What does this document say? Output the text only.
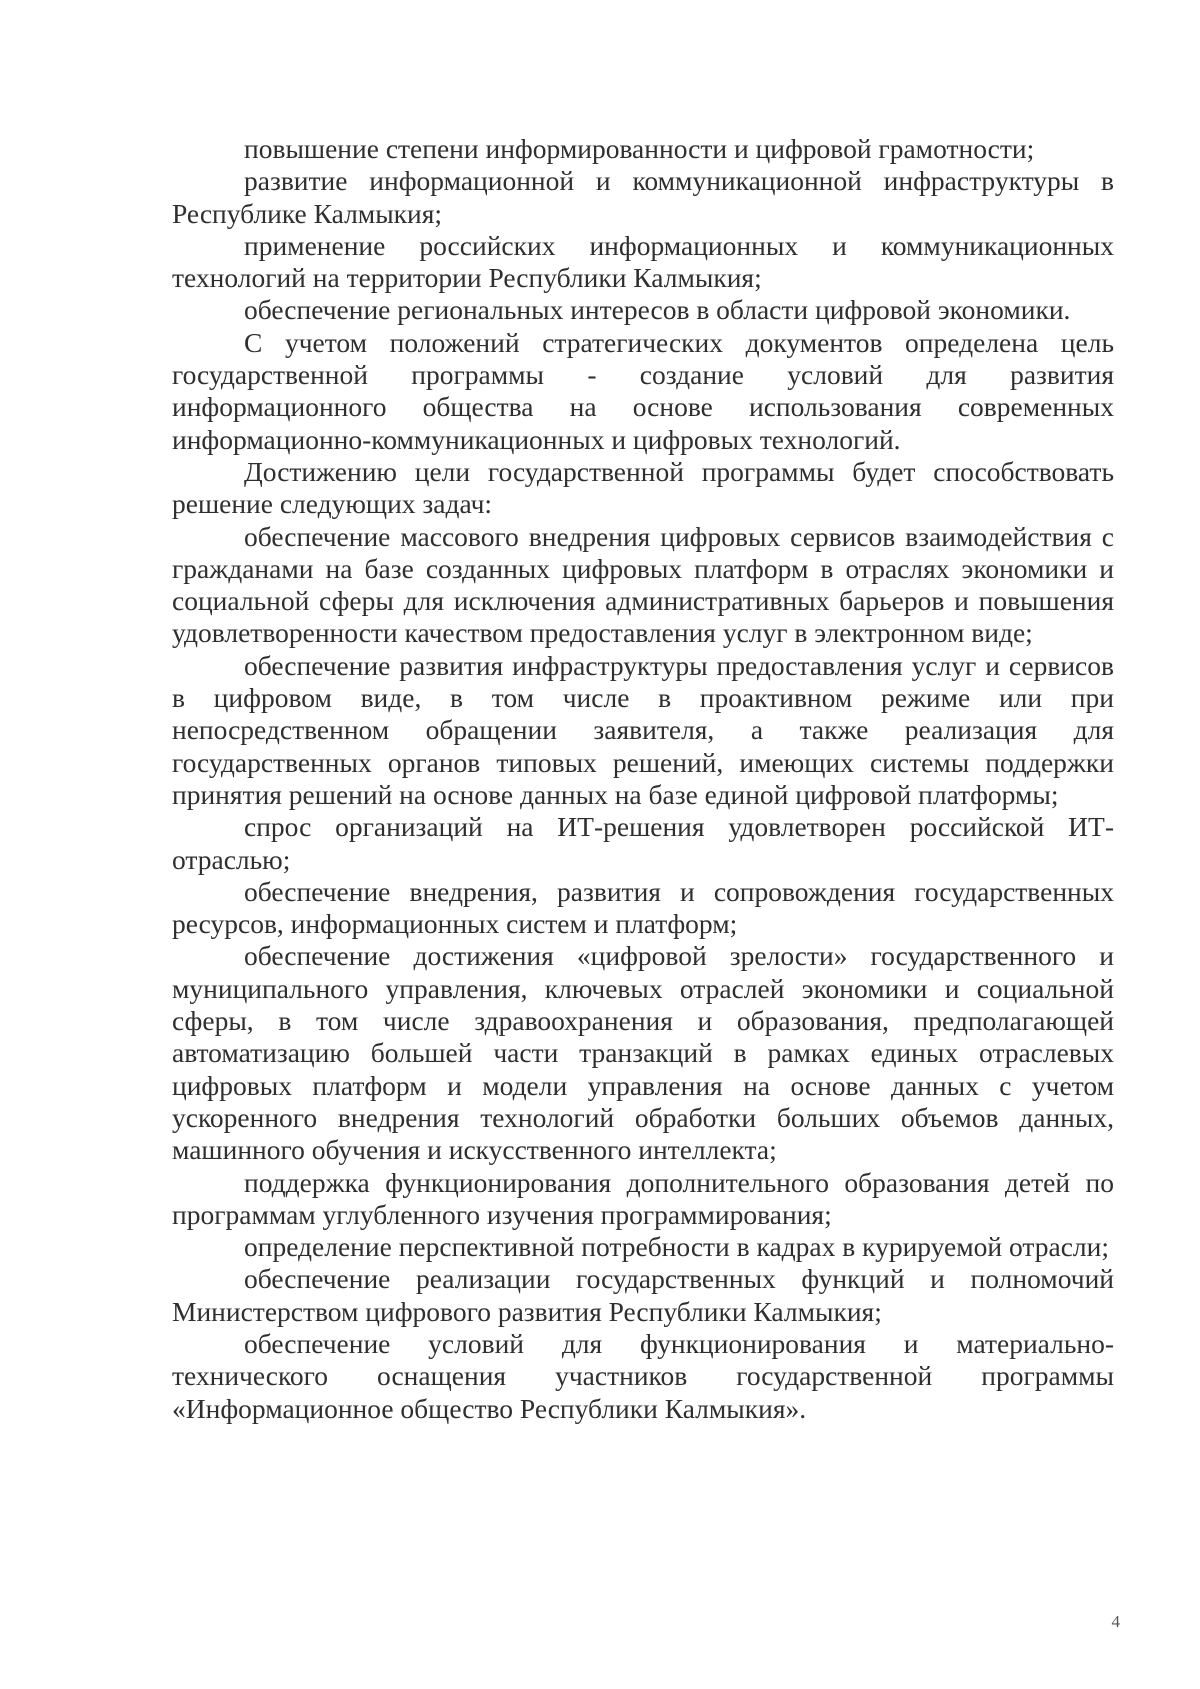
повышение степени информированности и цифровой грамотности;

развитие информационной и коммуникационной инфраструктуры в Республике Калмыкия;

применение российских информационных и коммуникационных технологий на территории Республики Калмыкия;

обеспечение региональных интересов в области цифровой экономики.

С учетом положений стратегических документов определена цель государственной программы - создание условий для развития информационного общества на основе использования современных информационно-коммуникационных и цифровых технологий.

Достижению цели государственной программы будет способствовать решение следующих задач:

обеспечение массового внедрения цифровых сервисов взаимодействия с гражданами на базе созданных цифровых платформ в отраслях экономики и социальной сферы для исключения административных барьеров и повышения удовлетворенности качеством предоставления услуг в электронном виде;

обеспечение развития инфраструктуры предоставления услуг и сервисов в цифровом виде, в том числе в проактивном режиме или при непосредственном обращении заявителя, а также реализация для государственных органов типовых решений, имеющих системы поддержки принятия решений на основе данных на базе единой цифровой платформы;

спрос организаций на ИТ-решения удовлетворен российской ИТ-отраслью;

обеспечение внедрения, развития и сопровождения государственных ресурсов, информационных систем и платформ;

обеспечение достижения «цифровой зрелости» государственного и муниципального управления, ключевых отраслей экономики и социальной сферы, в том числе здравоохранения и образования, предполагающей автоматизацию большей части транзакций в рамках единых отраслевых цифровых платформ и модели управления на основе данных с учетом ускоренного внедрения технологий обработки больших объемов данных, машинного обучения и искусственного интеллекта;

поддержка функционирования дополнительного образования детей по программам углубленного изучения программирования;

определение перспективной потребности в кадрах в курируемой отрасли;

обеспечение реализации государственных функций и полномочий Министерством цифрового развития Республики Калмыкия;

обеспечение условий для функционирования и материально-технического оснащения участников государственной программы «Информационное общество Республики Калмыкия».

4
